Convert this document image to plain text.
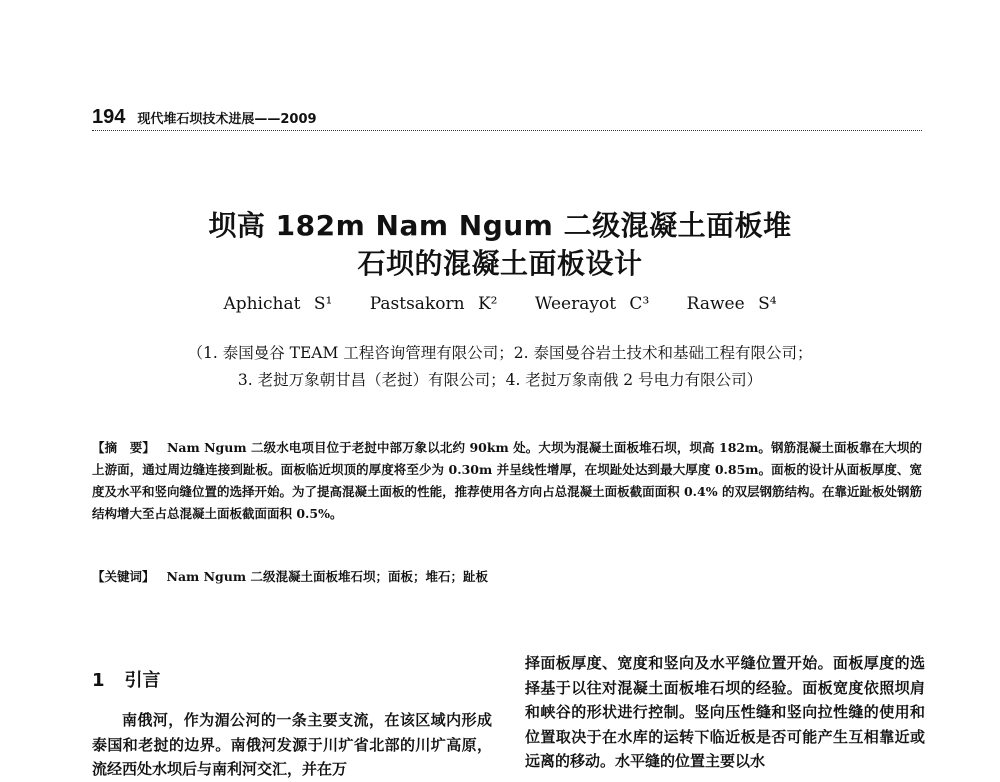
194 现代堆石坝技术进展——2009
坝高 182m Nam Ngum 二级混凝土面板堆
石坝的混凝土面板设计
Aphichat S¹ Pastsakorn K² Weerayot C³ Rawee S⁴
（1. 泰国曼谷 TEAM 工程咨询管理有限公司；2. 泰国曼谷岩土技术和基础工程有限公司；
3. 老挝万象朝甘昌（老挝）有限公司；4. 老挝万象南俄 2 号电力有限公司）
【摘　要】 Nam Ngum 二级水电项目位于老挝中部万象以北约 90km 处。大坝为混凝土面板堆石坝，坝高 182m。钢筋混凝土面板靠在大坝的上游面，通过周边缝连接到趾板。面板临近坝顶的厚度将至少为 0.30m 并呈线性增厚，在坝趾处达到最大厚度 0.85m。面板的设计从面板厚度、宽度及水平和竖向缝位置的选择开始。为了提高混凝土面板的性能，推荐使用各方向占总混凝土面板截面面积 0.4% 的双层钢筋结构。在靠近趾板处钢筋结构增大至占总混凝土面板截面面积 0.5%。
【关键词】 Nam Ngum 二级混凝土面板堆石坝；面板；堆石；趾板
1 引言
南俄河，作为湄公河的一条主要支流，在该区域内形成泰国和老挝的边界。南俄河发源于川圹省北部的川圹高原，流经西处水坝后与南利河交汇，并在万
择面板厚度、宽度和竖向及水平缝位置开始。面板厚度的选择基于以往对混凝土面板堆石坝的经验。面板宽度依照坝肩和峡谷的形状进行控制。竖向压性缝和竖向拉性缝的使用和位置取决于在水库的运转下临近板是否可能产生互相靠近或远离的移动。水平缝的位置主要以水
